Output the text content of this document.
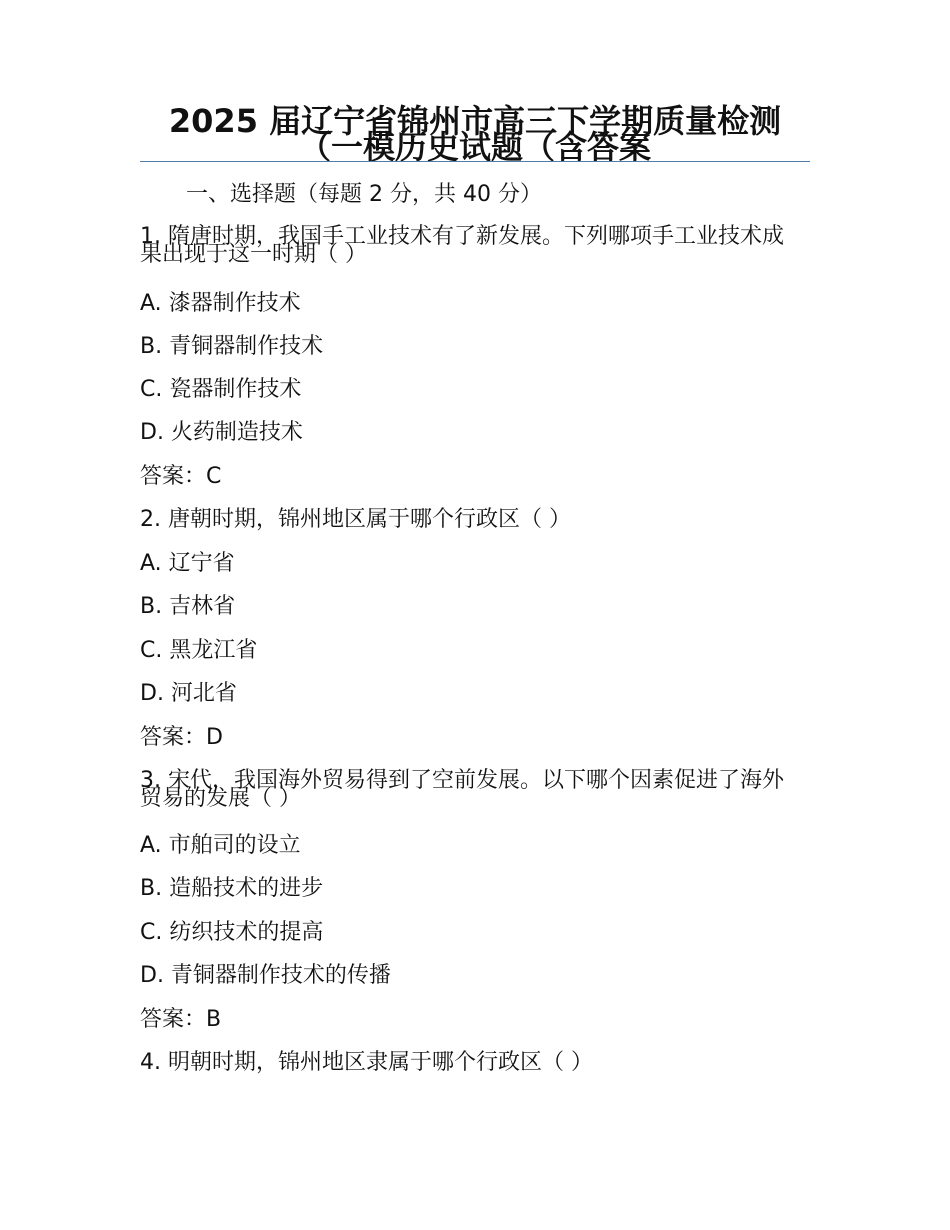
2025 届辽宁省锦州市高三下学期质量检测（一模历史试题（含答案
一、选择题（每题 2 分，共 40 分）
1. 隋唐时期，我国手工业技术有了新发展。下列哪项手工业技术成果出现于这一时期（ ）
A. 漆器制作技术
B. 青铜器制作技术
C. 瓷器制作技术
D. 火药制造技术
答案：C
2. 唐朝时期，锦州地区属于哪个行政区（ ）
A. 辽宁省
B. 吉林省
C. 黑龙江省
D. 河北省
答案：D
3. 宋代，我国海外贸易得到了空前发展。以下哪个因素促进了海外贸易的发展（ ）
A. 市舶司的设立
B. 造船技术的进步
C. 纺织技术的提高
D. 青铜器制作技术的传播
答案：B
4. 明朝时期，锦州地区隶属于哪个行政区（ ）
